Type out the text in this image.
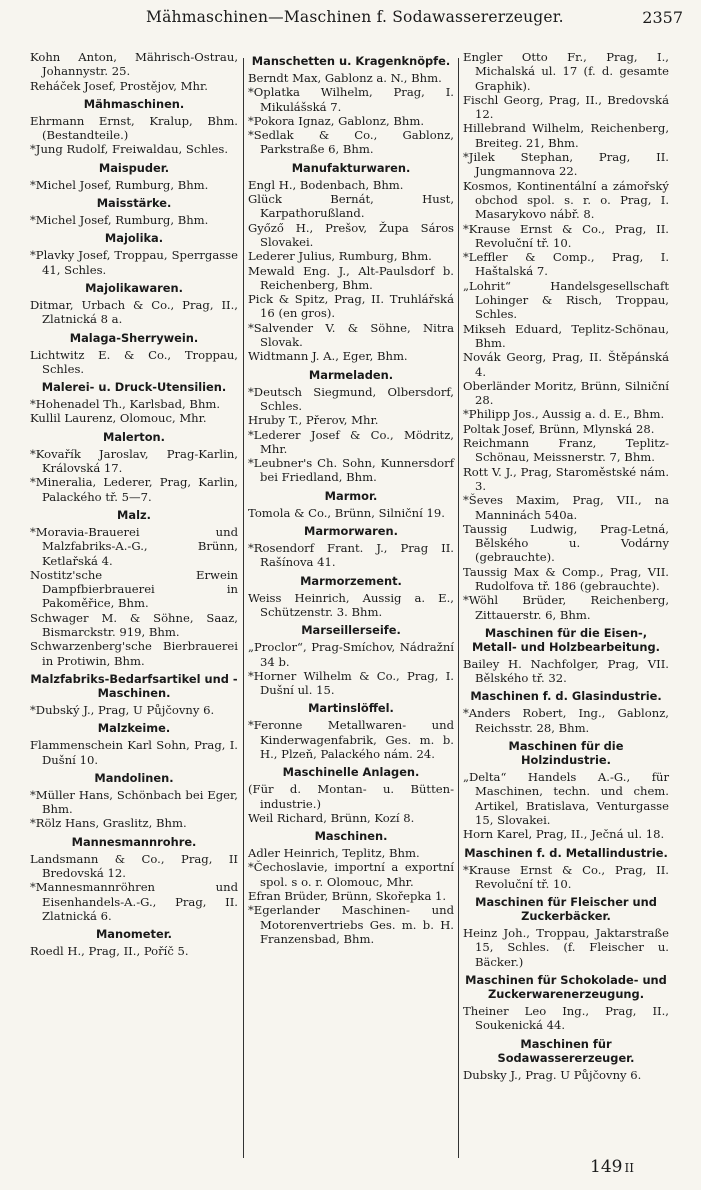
Mähmaschinen—Maschinen f. Sodawassererzeuger.	2357
Kohn Anton, Mährisch-Ostrau, Johannystr. 25.
Reháček Josef, Prostějov, Mhr.
Mähmaschinen.
Ehrmann Ernst, Kralup, Bhm. (Bestandteile.)
*Jung Rudolf, Freiwaldau, Schles.
Maispuder.
*Michel Josef, Rumburg, Bhm.
Maisstärke.
*Michel Josef, Rumburg, Bhm.
Majolika.
*Plavky Josef, Troppau, Sperrgasse 41, Schles.
Majolikawaren.
Ditmar, Urbach & Co., Prag, II., Zlatnická 8 a.
Malaga-Sherrywein.
Lichtwitz E. & Co., Troppau, Schles.
Malerei- u. Druck-Utensilien.
*Hohenadel Th., Karlsbad, Bhm.
Kullil Laurenz, Olomouc, Mhr.
Malerton.
*Kovařík Jaroslav, Prag-Karlin, Královská 17.
*Mineralia, Lederer, Prag, Karlin, Palackého tř. 5—7.
Malz.
*Moravia-Brauerei und Malzfabriks-A.-G., Brünn, Ketlařská 4.
Nostitz'sche Erwein Dampfbierbrauerei in Pakoměřice, Bhm.
Schwager M. & Söhne, Saaz, Bismarckstr. 919, Bhm.
Schwarzenberg'sche Bierbrauerei in Protiwin, Bhm.
Malzfabriks-Bedarfsartikel und -Maschinen.
*Dubský J., Prag, U Půjčovny 6.
Malzkeime.
Flammenschein Karl Sohn, Prag, I. Dušní 10.
Mandolinen.
*Müller Hans, Schönbach bei Eger, Bhm.
*Rölz Hans, Graslitz, Bhm.
Mannesmannrohre.
Landsmann & Co., Prag, II Bredovská 12.
*Mannesmannröhren und Eisenhandels-A.-G., Prag, II. Zlatnická 6.
Manometer.
Roedl H., Prag, II., Poříč 5.
Manschetten u. Kragenknöpfe.
Berndt Max, Gablonz a. N., Bhm.
*Oplatka Wilhelm, Prag, I. Mikulášská 7.
*Pokora Ignaz, Gablonz, Bhm.
*Sedlak & Co., Gablonz, Parkstraße 6, Bhm.
Manufakturwaren.
Engl H., Bodenbach, Bhm.
Glück Bernát, Hust, Karpathorußland.
Győző H., Prešov, Župa Sáros Slovakei.
Lederer Julius, Rumburg, Bhm.
Mewald Eng. J., Alt-Paulsdorf b. Reichenberg, Bhm.
Pick & Spitz, Prag, II. Truhlářská 16 (en gros).
*Salvender V. & Söhne, Nitra Slovak.
Widtmann J. A., Eger, Bhm.
Marmeladen.
*Deutsch Siegmund, Olbersdorf, Schles.
Hruby T., Přerov, Mhr.
*Lederer Josef & Co., Mödritz, Mhr.
*Leubner's Ch. Sohn, Kunnersdorf bei Friedland, Bhm.
Marmor.
Tomola & Co., Brünn, Silniční 19.
Marmorwaren.
*Rosendorf Frant. J., Prag II. Rašínova 41.
Marmorzement.
Weiss Heinrich, Aussig a. E., Schützenstr. 3. Bhm.
Marseillerseife.
„Proclor“, Prag-Smíchov, Nádražní 34 b.
*Horner Wilhelm & Co., Prag, I. Dušní ul. 15.
Martinslöffel.
*Feronne Metallwaren- und Kinderwagenfabrik, Ges. m. b. H., Plzeň, Palackého nám. 24.
Maschinelle Anlagen.
(Für d. Montan- u. Bütten-industrie.)
Weil Richard, Brünn, Kozí 8.
Maschinen.
Adler Heinrich, Teplitz, Bhm.
*Čechoslavie, importní a exportní spol. s o. r. Olomouc, Mhr.
Efran Brüder, Brünn, Skořepka 1.
*Egerlander Maschinen- und Motorenvertriebs Ges. m. b. H. Franzensbad, Bhm.
Engler Otto Fr., Prag, I., Michalská ul. 17 (f. d. gesamte Graphik).
Fischl Georg, Prag, II., Bredovská 12.
Hillebrand Wilhelm, Reichenberg, Breiteg. 21, Bhm.
*Jilek Stephan, Prag, II. Jungmannova 22.
Kosmos, Kontinentální a zámořský obchod spol. s. r. o. Prag, I. Masarykovo nábř. 8.
*Krause Ernst & Co., Prag, II. Revoluční tř. 10.
*Leffler & Comp., Prag, I. Haštalská 7.
„Lohrit“ Handelsgesellschaft Lohinger & Risch, Troppau, Schles.
Mikseh Eduard, Teplitz-Schönau, Bhm.
Novák Georg, Prag, II. Štěpánská 4.
Oberländer Moritz, Brünn, Silniční 28.
*Philipp Jos., Aussig a. d. E., Bhm.
Poltak Josef, Brünn, Mlynská 28.
Reichmann Franz, Teplitz-Schönau, Meissnerstr. 7, Bhm.
Rott V. J., Prag, Staroměstské nám. 3.
*Ševes Maxim, Prag, VII., na Manninách 540a.
Taussig Ludwig, Prag-Letná, Bělského u. Vodárny (gebrauchte).
Taussig Max & Comp., Prag, VII. Rudolfova tř. 186 (gebrauchte).
*Wöhl Brüder, Reichenberg, Zittauerstr. 6, Bhm.
Maschinen für die Eisen-, Metall- und Holzbearbeitung.
Bailey H. Nachfolger, Prag, VII. Bělského tř. 32.
Maschinen f. d. Glasindustrie.
*Anders Robert, Ing., Gablonz, Reichsstr. 28, Bhm.
Maschinen für die Holzindustrie.
„Delta“ Handels A.-G., für Maschinen, techn. und chem. Artikel, Bratislava, Venturgasse 15, Slovakei.
Horn Karel, Prag, II., Ječná ul. 18.
Maschinen f. d. Metallindustrie.
*Krause Ernst & Co., Prag, II. Revoluční tř. 10.
Maschinen für Fleischer und Zuckerbäcker.
Heinz Joh., Troppau, Jaktarstraße 15, Schles. (f. Fleischer u. Bäcker.)
Maschinen für Schokolade- und Zuckerwarenerzeugung.
Theiner Leo Ing., Prag, II., Soukenická 44.
Maschinen für Sodawassererzeuger.
Dubsky J., Prag. U Půjčovny 6.
149 II
